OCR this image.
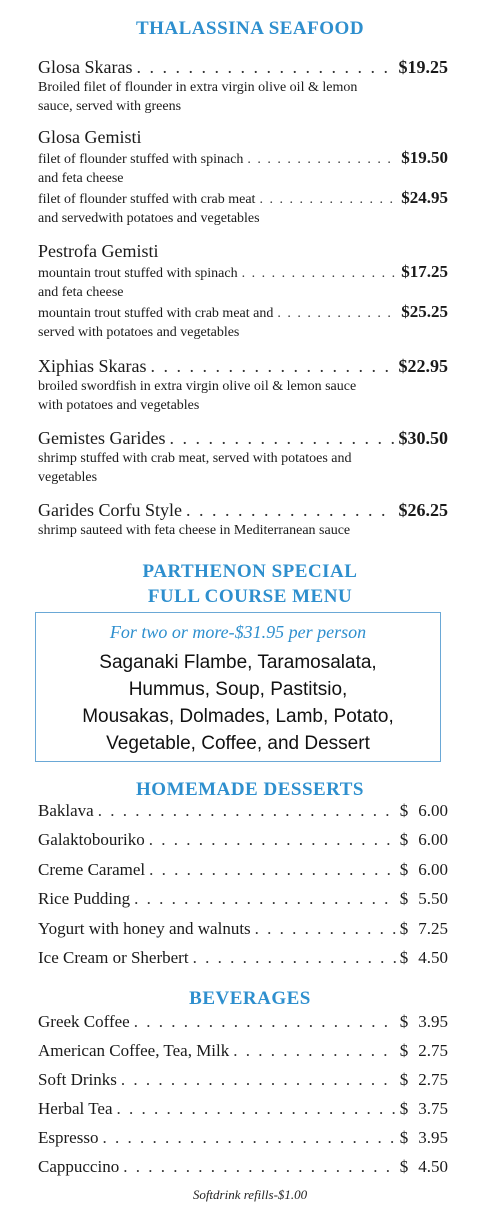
THALASSINA SEAFOOD
Glosa Skaras . . .	$19.25
Broiled filet of flounder in extra virgin olive oil & lemon
sauce, served with greens
Glosa Gemisti
filet of flounder stuffed with spinach . . .	$19.50
and feta cheese
filet of flounder stuffed with crab meat . . .	$24.95
and servedwith potatoes and vegetables
Pestrofa Gemisti
mountain trout stuffed with spinach . . .	$17.25
and feta cheese
mountain trout stuffed with crab meat and . . .	$25.25
served with potatoes and vegetables
Xiphias Skaras . . .	$22.95
broiled swordfish in extra virgin olive oil & lemon sauce
with potatoes and vegetables
Gemistes Garides . . .	$30.50
shrimp stuffed with crab meat, served with potatoes and
vegetables
Garides Corfu Style . . .	$26.25
shrimp sauteed with feta cheese in Mediterranean sauce
PARTHENON SPECIAL
FULL COURSE MENU
For two or more-$31.95 per person
Saganaki Flambe, Taramosalata,
Hummus, Soup, Pastitsio,
Mousakas, Dolmades, Lamb, Potato,
Vegetable, Coffee, and Dessert
HOMEMADE DESSERTS
Baklava . . .	$ 6.00
Galaktobouriko . . .	$ 6.00
Creme Caramel . . .	$ 6.00
Rice Pudding . . .	$ 5.50
Yogurt with honey and walnuts . . .	$ 7.25
Ice Cream or Sherbert . . .	$ 4.50
BEVERAGES
Greek Coffee . . .	$ 3.95
American Coffee, Tea, Milk . . .	$ 2.75
Soft Drinks . . .	$ 2.75
Herbal Tea . . .	$ 3.75
Espresso . . .	$ 3.95
Cappuccino . . .	$ 4.50
Softdrink refills-$1.00
